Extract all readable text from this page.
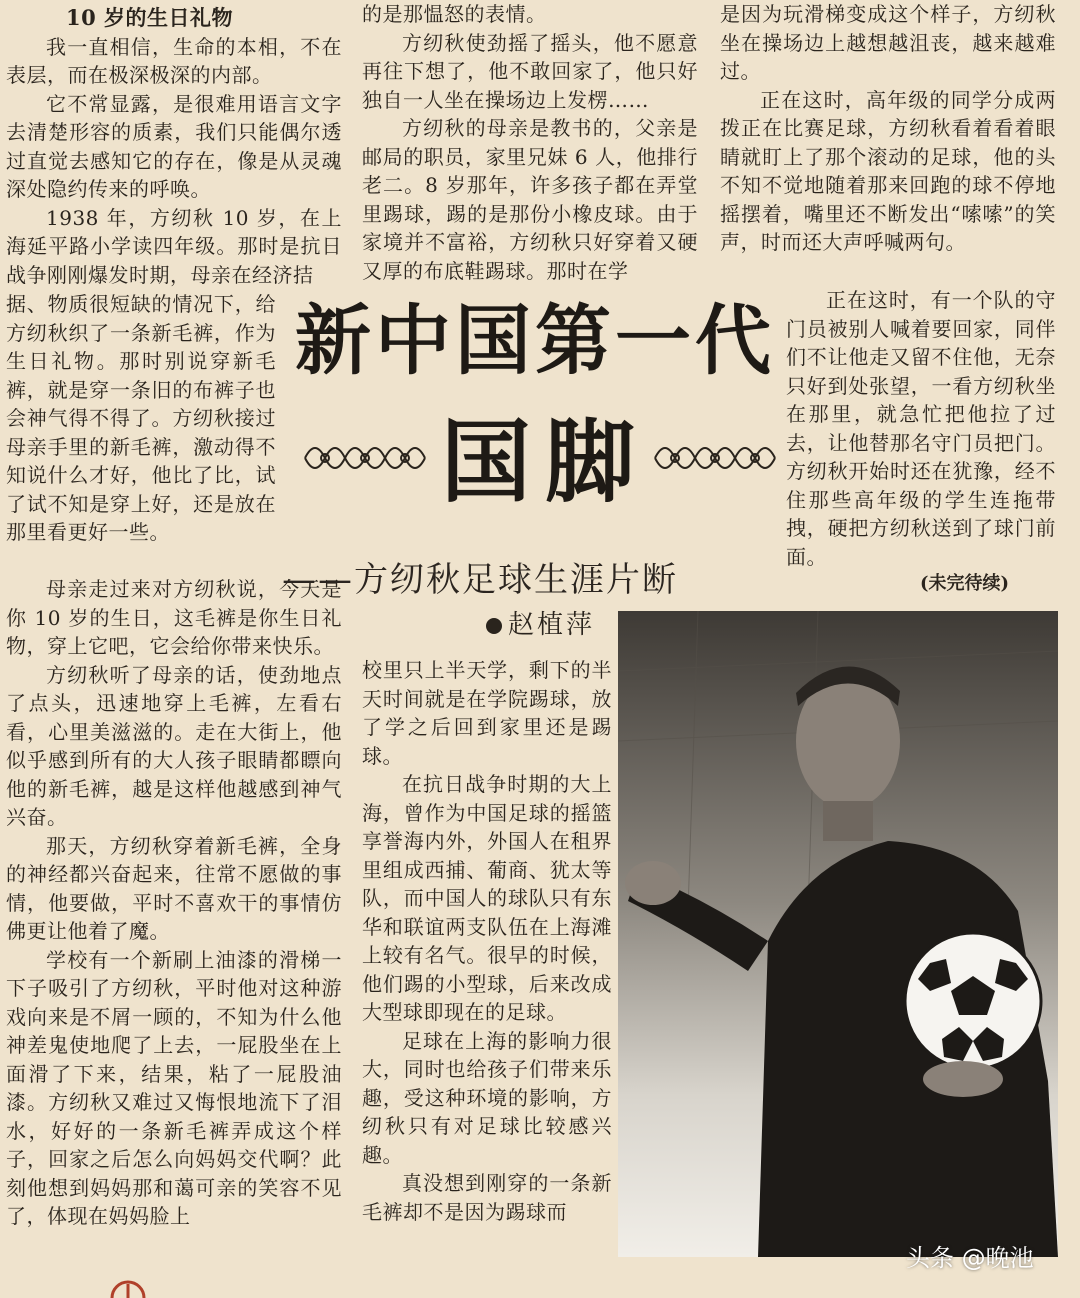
10 岁的生日礼物

我一直相信，生命的本相，不在表层，而在极深极深的内部。

它不常显露，是很难用语言文字去清楚形容的质素，我们只能偶尔透过直觉去感知它的存在，像是从灵魂深处隐约传来的呼唤。

1938 年，方纫秋 10 岁，在上海延平路小学读四年级。那时是抗日战争刚刚爆发时期，母亲在经济拮

据、物质很短缺的情况下，给方纫秋织了一条新毛裤，作为生日礼物。那时别说穿新毛裤，就是穿一条旧的布裤子也会神气得不得了。方纫秋接过母亲手里的新毛裤，激动得不知说什么才好，他比了比，试了试不知是穿上好，还是放在那里看更好一些。

母亲走过来对方纫秋说，今天是你 10 岁的生日，这毛裤是你生日礼物，穿上它吧，它会给你带来快乐。

方纫秋听了母亲的话，使劲地点了点头，迅速地穿上毛裤，左看右看，心里美滋滋的。走在大街上，他似乎感到所有的大人孩子眼睛都瞟向他的新毛裤，越是这样他越感到神气兴奋。

那天，方纫秋穿着新毛裤，全身的神经都兴奋起来，往常不愿做的事情，他要做，平时不喜欢干的事情仿佛更让他着了魔。

学校有一个新刷上油漆的滑梯一下子吸引了方纫秋，平时他对这种游戏向来是不屑一顾的，不知为什么他神差鬼使地爬了上去，一屁股坐在上面滑了下来，结果，粘了一屁股油漆。方纫秋又难过又悔恨地流下了泪水，好好的一条新毛裤弄成这个样子，回家之后怎么向妈妈交代啊？此刻他想到妈妈那和蔼可亲的笑容不见了，体现在妈妈脸上

的是那愠怒的表情。

方纫秋使劲摇了摇头，他不愿意再往下想了，他不敢回家了，他只好独自一人坐在操场边上发楞……

方纫秋的母亲是教书的，父亲是邮局的职员，家里兄妹 6 人，他排行老二。8 岁那年，许多孩子都在弄堂里踢球，踢的是那份小橡皮球。由于家境并不富裕，方纫秋只好穿着又硬又厚的布底鞋踢球。那时在学

是因为玩滑梯变成这个样子，方纫秋坐在操场边上越想越沮丧，越来越难过。

正在这时，高年级的同学分成两拨正在比赛足球，方纫秋看着看着眼睛就盯上了那个滚动的足球，他的头不知不觉地随着那来回跑的球不停地摇摆着，嘴里还不断发出“嗦嗦”的笑声，时而还大声呼喊两句。

正在这时，有一个队的守门员被别人喊着要回家，同伴们不让他走又留不住他，无奈只好到处张望，一看方纫秋坐在那里，就急忙把他拉了过去，让他替那名守门员把门。方纫秋开始时还在犹豫，经不住那些高年级的学生连拖带拽，硬把方纫秋送到了球门前面。

新中国第一代
国脚
——方纫秋足球生涯片断
赵植萍
(未完待续)

校里只上半天学，剩下的半天时间就是在学院踢球，放了学之后回到家里还是踢球。

在抗日战争时期的大上海，曾作为中国足球的摇篮享誉海内外，外国人在租界里组成西捕、葡商、犹太等队，而中国人的球队只有东华和联谊两支队伍在上海滩上较有名气。很早的时候，他们踢的小型球，后来改成大型球即现在的足球。

足球在上海的影响力很大，同时也给孩子们带来乐趣，受这种环境的影响，方纫秋只有对足球比较感兴趣。

真没想到刚穿的一条新毛裤却不是因为踢球而

头条 @晚池
